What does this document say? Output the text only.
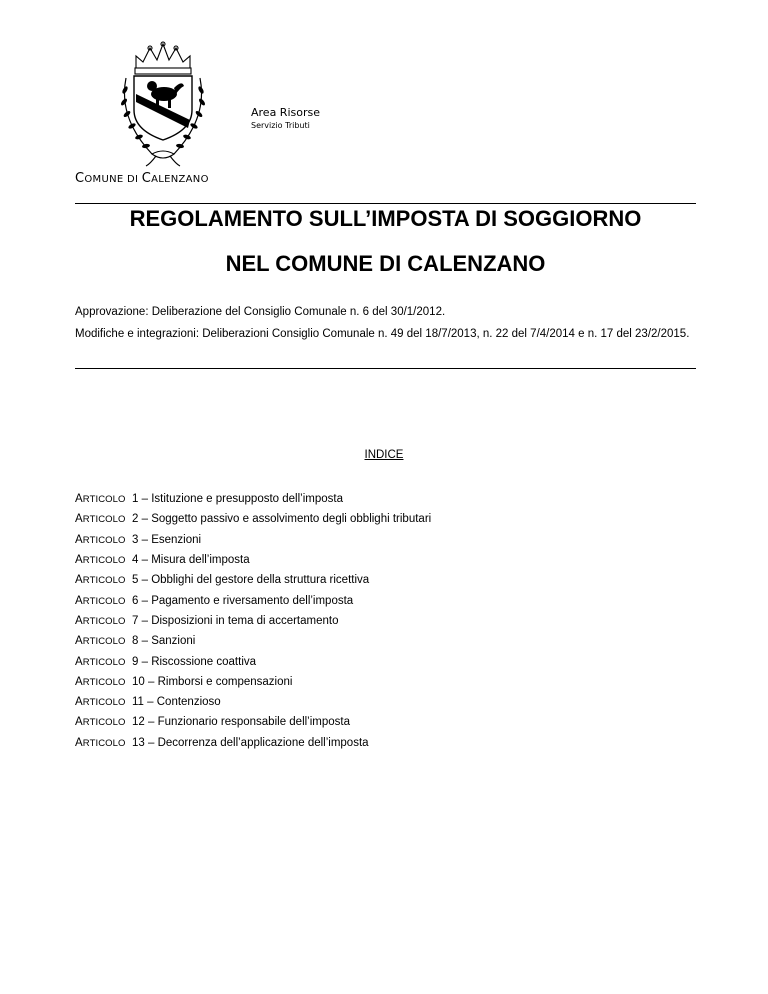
Area Risorse
Servizio Tributi
COMUNE DI CALENZANO
REGOLAMENTO SULL’IMPOSTA DI SOGGIORNO
NEL COMUNE DI CALENZANO
Approvazione: Deliberazione del Consiglio Comunale n. 6 del 30/1/2012.
Modifiche e integrazioni: Deliberazioni Consiglio Comunale n. 49 del 18/7/2013, n. 22 del 7/4/2014 e n. 17 del 23/2/2015.
INDICE
ARTICOLO 1
– Istituzione e presupposto dell’imposta
ARTICOLO 2
– Soggetto passivo e assolvimento degli obblighi tributari
ARTICOLO 3
– Esenzioni
ARTICOLO 4
– Misura dell’imposta
ARTICOLO 5
– Obblighi del gestore della struttura ricettiva
ARTICOLO 6
– Pagamento e riversamento dell’imposta
ARTICOLO 7
– Disposizioni in tema di accertamento
ARTICOLO 8
– Sanzioni
ARTICOLO 9
– Riscossione coattiva
ARTICOLO 10
– Rimborsi e compensazioni
ARTICOLO 11
– Contenzioso
ARTICOLO 12
– Funzionario responsabile dell’imposta
ARTICOLO 13
– Decorrenza dell’applicazione dell’imposta
